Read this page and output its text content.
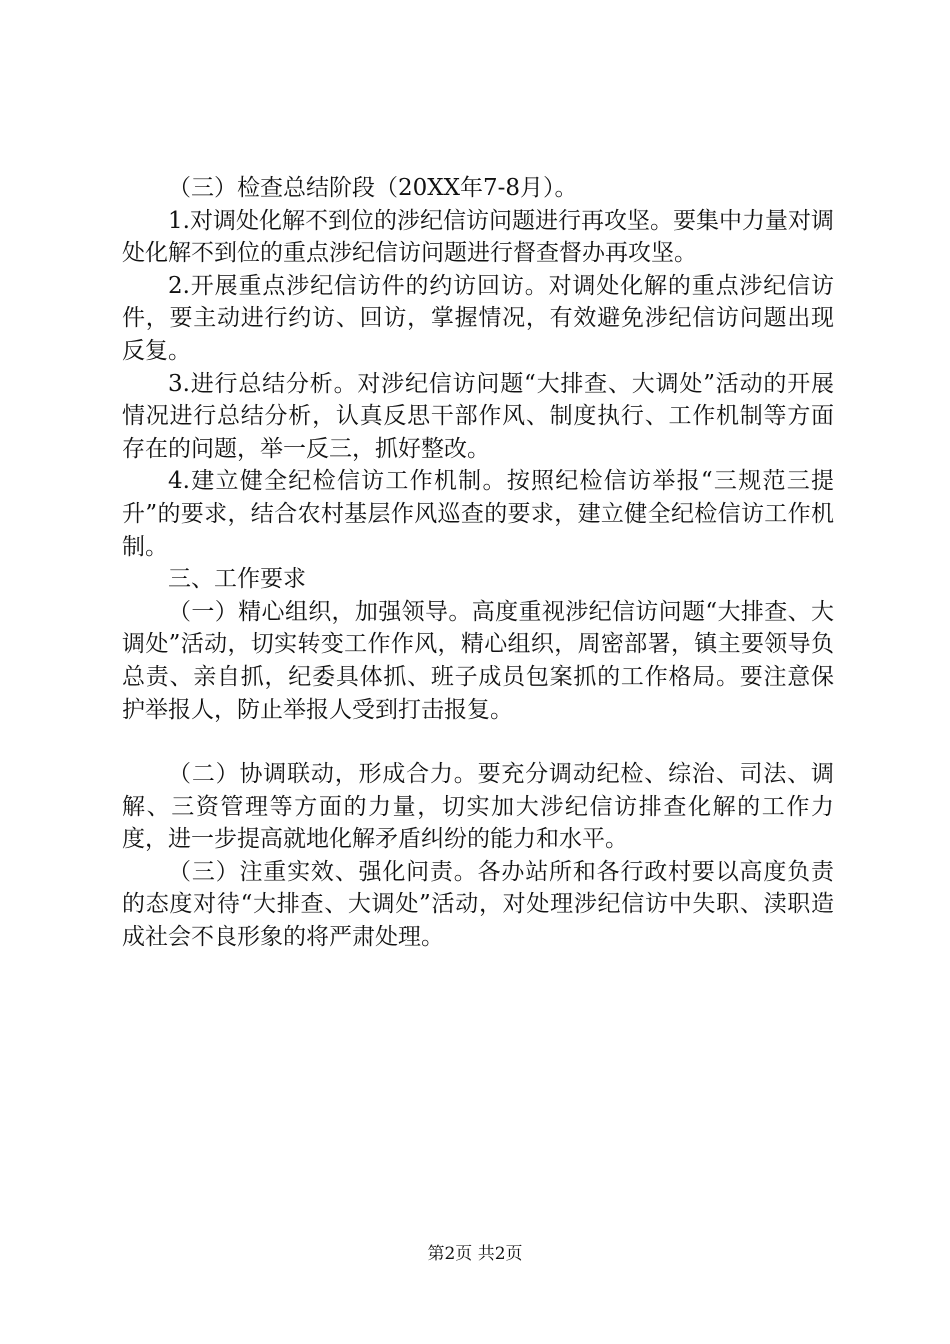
（三）检查总结阶段（20XX年7-8月）。

1.对调处化解不到位的涉纪信访问题进行再攻坚。要集中力量对调处化解不到位的重点涉纪信访问题进行督查督办再攻坚。

2.开展重点涉纪信访件的约访回访。对调处化解的重点涉纪信访件，要主动进行约访、回访，掌握情况，有效避免涉纪信访问题出现反复。

3.进行总结分析。对涉纪信访问题“大排查、大调处”活动的开展情况进行总结分析，认真反思干部作风、制度执行、工作机制等方面存在的问题，举一反三，抓好整改。

4.建立健全纪检信访工作机制。按照纪检信访举报“三规范三提升”的要求，结合农村基层作风巡查的要求，建立健全纪检信访工作机制。

三、工作要求

（一）精心组织，加强领导。高度重视涉纪信访问题“大排查、大调处”活动，切实转变工作作风，精心组织，周密部署，镇主要领导负总责、亲自抓，纪委具体抓、班子成员包案抓的工作格局。要注意保护举报人，防止举报人受到打击报复。

（二）协调联动，形成合力。要充分调动纪检、综治、司法、调解、三资管理等方面的力量，切实加大涉纪信访排查化解的工作力度，进一步提高就地化解矛盾纠纷的能力和水平。

（三）注重实效、强化问责。各办站所和各行政村要以高度负责的态度对待“大排查、大调处”活动，对处理涉纪信访中失职、渎职造成社会不良形象的将严肃处理。

第2页 共2页
